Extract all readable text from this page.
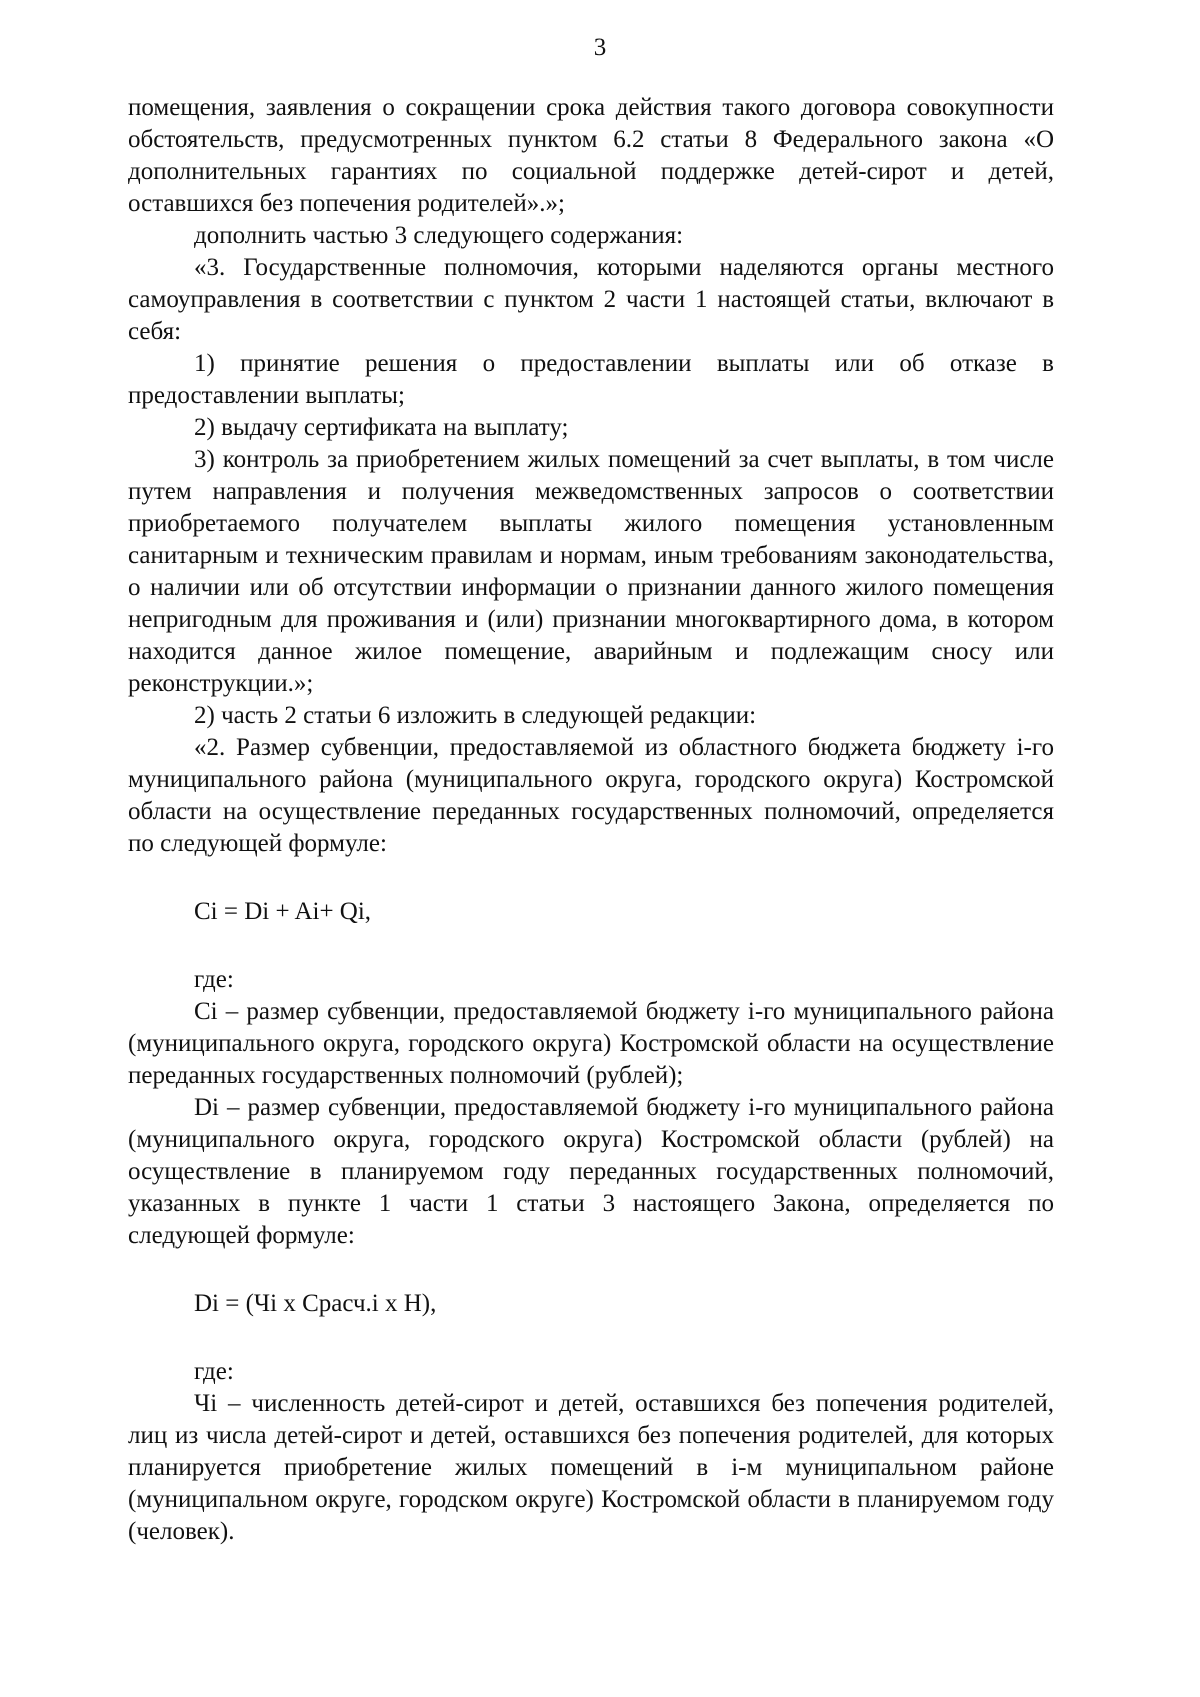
3

помещения, заявления о сокращении срока действия такого договора совокупности обстоятельств, предусмотренных пунктом 6.2 статьи 8 Федерального закона «О дополнительных гарантиях по социальной поддержке детей-сирот и детей, оставшихся без попечения родителей».»;

дополнить частью 3 следующего содержания:

«3. Государственные полномочия, которыми наделяются органы местного самоуправления в соответствии с пунктом 2 части 1 настоящей статьи, включают в себя:

1) принятие решения о предоставлении выплаты или об отказе в предоставлении выплаты;

2) выдачу сертификата на выплату;

3) контроль за приобретением жилых помещений за счет выплаты, в том числе путем направления и получения межведомственных запросов о соответствии приобретаемого получателем выплаты жилого помещения установленным санитарным и техническим правилам и нормам, иным требованиям законодательства, о наличии или об отсутствии информации о признании данного жилого помещения непригодным для проживания и (или) признании многоквартирного дома, в котором находится данное жилое помещение, аварийным и подлежащим сносу или реконструкции.»;

2) часть 2 статьи 6 изложить в следующей редакции:

«2. Размер субвенции, предоставляемой из областного бюджета бюджету i-го муниципального района (муниципального округа, городского округа) Костромской области на осуществление переданных государственных полномочий, определяется по следующей формуле:

Ci = Di + Ai+ Qi,

где:

Ci – размер субвенции, предоставляемой бюджету i-го муниципального района (муниципального округа, городского округа) Костромской области на осуществление переданных государственных полномочий (рублей);

Di – размер субвенции, предоставляемой бюджету i-го муниципального района (муниципального округа, городского округа) Костромской области (рублей) на осуществление в планируемом году переданных государственных полномочий, указанных в пункте 1 части 1 статьи 3 настоящего Закона, определяется по следующей формуле:

Di = (Чi x Срасч.i x H),

где:

Чi – численность детей-сирот и детей, оставшихся без попечения родителей, лиц из числа детей-сирот и детей, оставшихся без попечения родителей, для которых планируется приобретение жилых помещений в i-м муниципальном районе (муниципальном округе, городском округе) Костромской области в планируемом году (человек).
